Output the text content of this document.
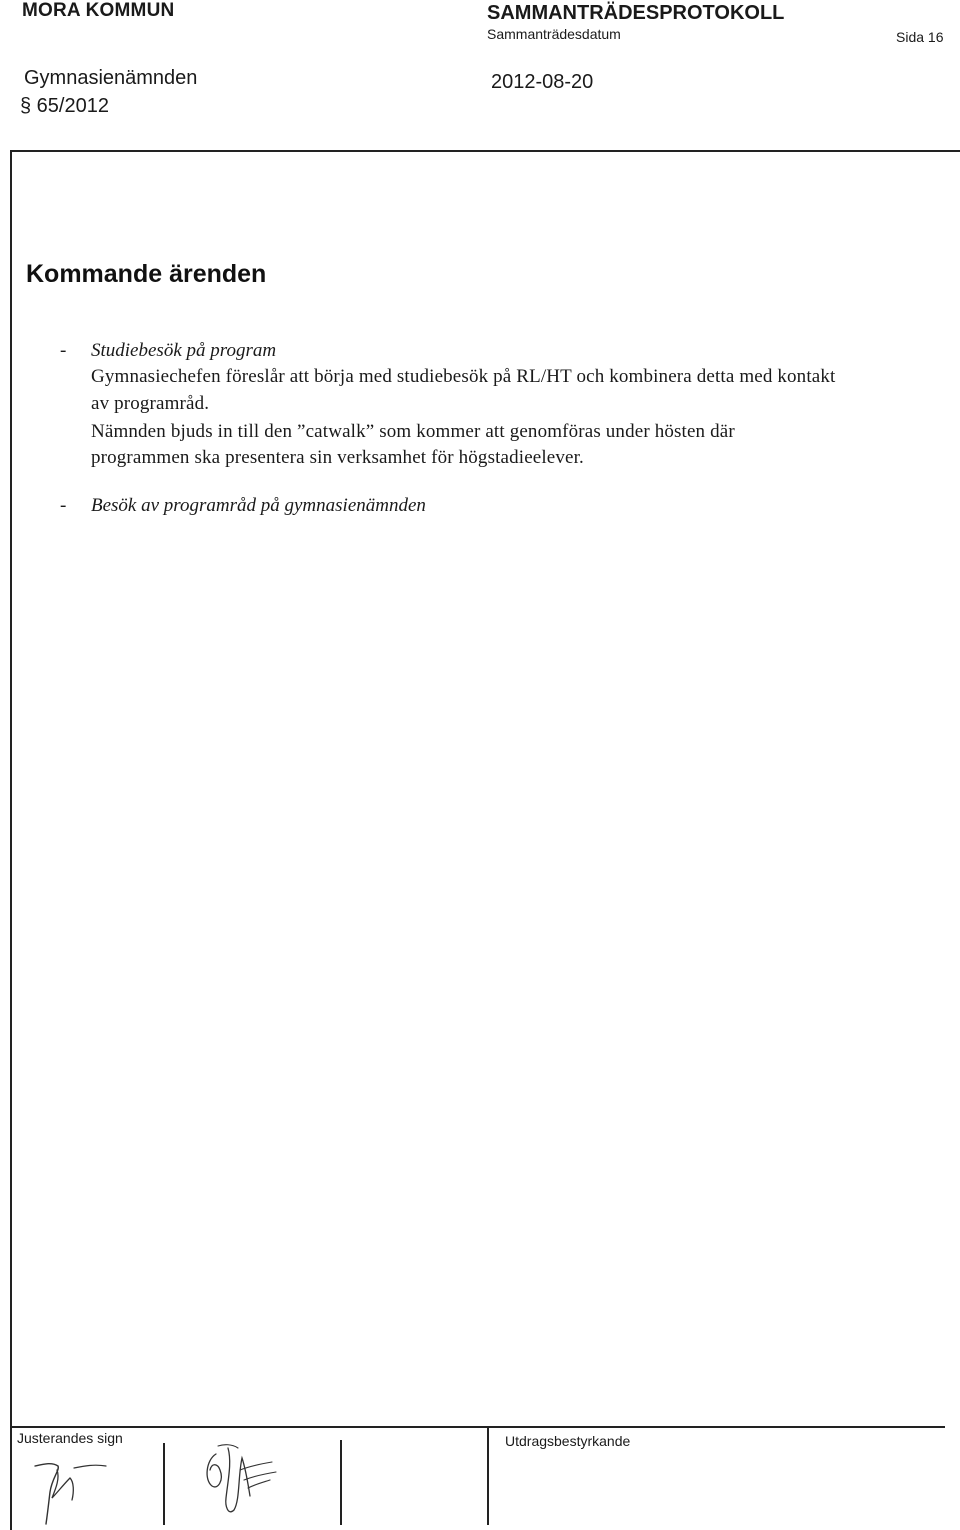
MORA KOMMUN	SAMMANTRÄDESPROTOKOLL
Sammanträdesdatum	Sida 16
Gymnasienämnden
§ 65/2012
2012-08-20
Kommande ärenden
- Studiebesök på program
Gymnasiechefen föreslår att börja med studiebesök på RL/HT och kombinera detta med kontakt
av programråd.
Nämnden bjuds in till den ”catwalk” som kommer att genomföras under hösten där
programmen ska presentera sin verksamhet för högstadieelever.
- Besök av programråd på gymnasienämnden
Justerandes sign	Utdragsbestyrkande
